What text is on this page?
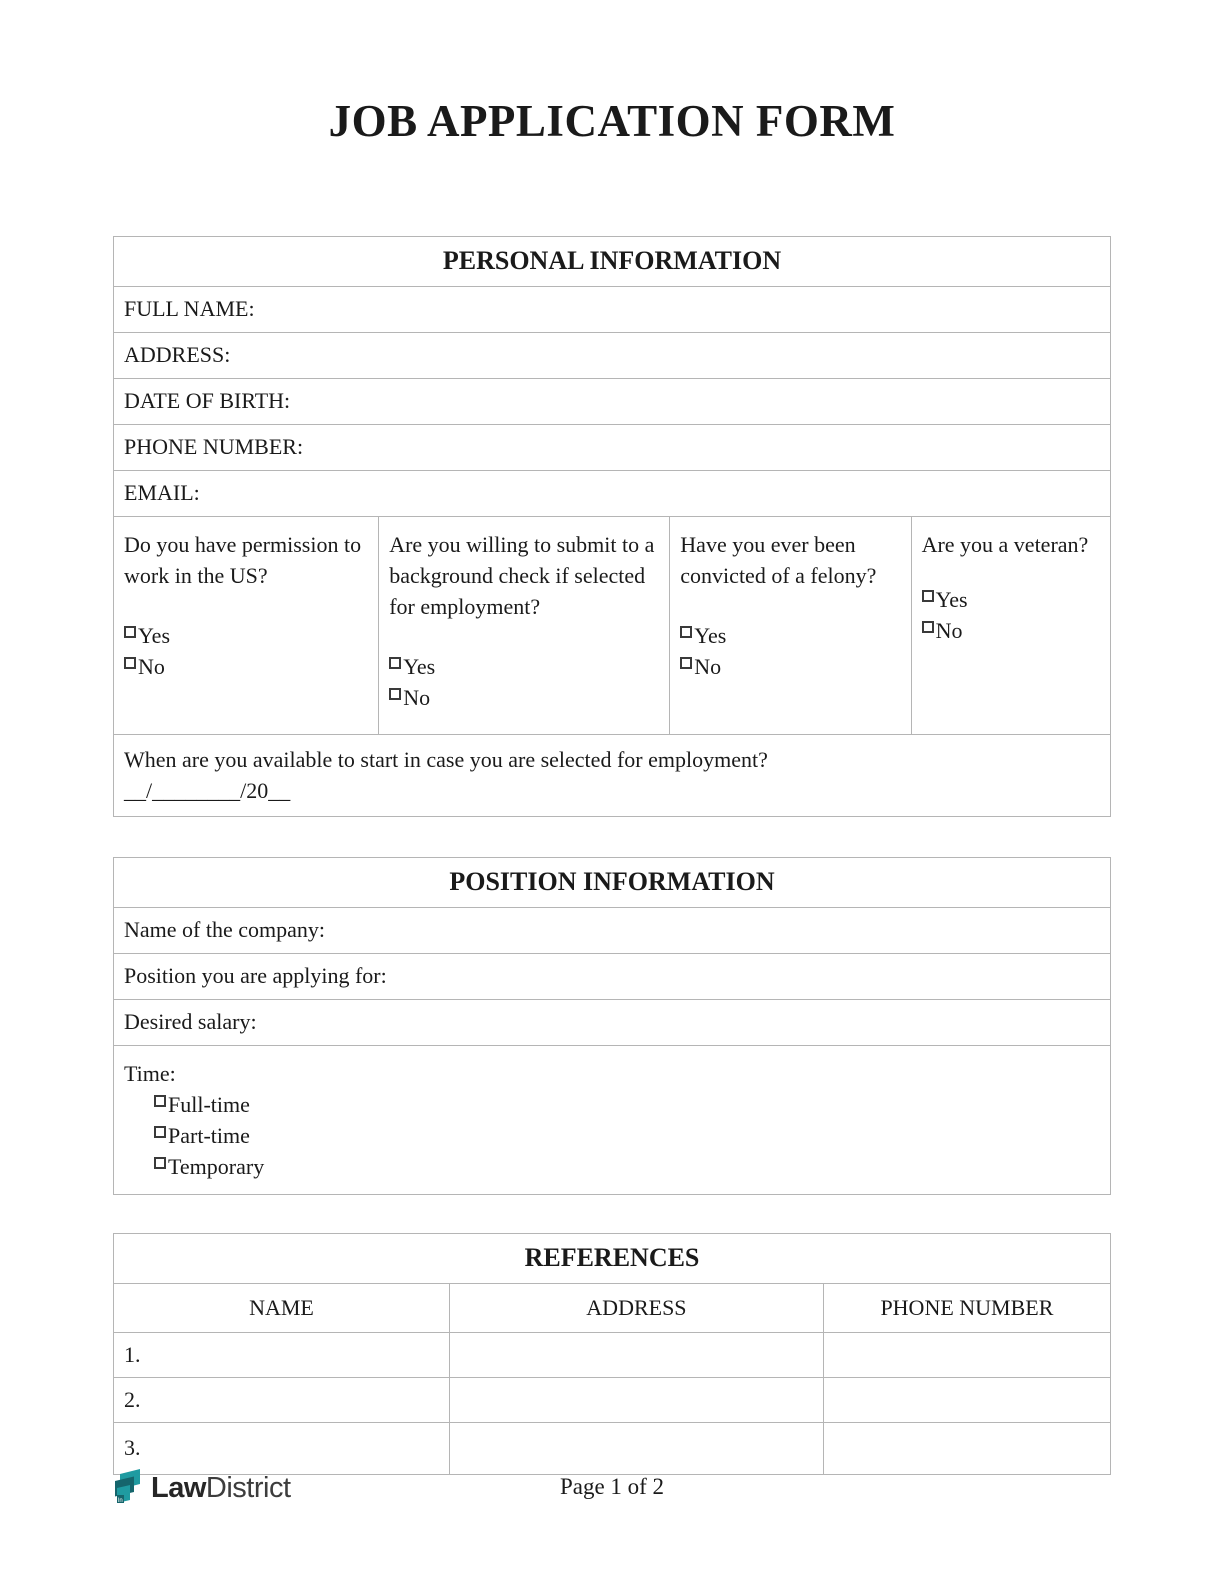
JOB APPLICATION FORM
PERSONAL INFORMATION
FULL NAME:
ADDRESS:
DATE OF BIRTH:
PHONE NUMBER:
EMAIL:

Do you have permission to work in the US?
Yes
No

Are you willing to submit to a background check if selected for employment?
Yes
No

Have you ever been convicted of a felony?
Yes
No

Are you a veteran?
Yes
No

When are you available to start in case you are selected for employment?
__/________/20__
POSITION INFORMATION
Name of the company:
Position you are applying for:
Desired salary:

Time:
Full-time
Part-time
Temporary
REFERENCES		
NAME	ADDRESS	PHONE NUMBER
1.		
2.		
3.		
ln LawDistrict	Page 1 of 2
